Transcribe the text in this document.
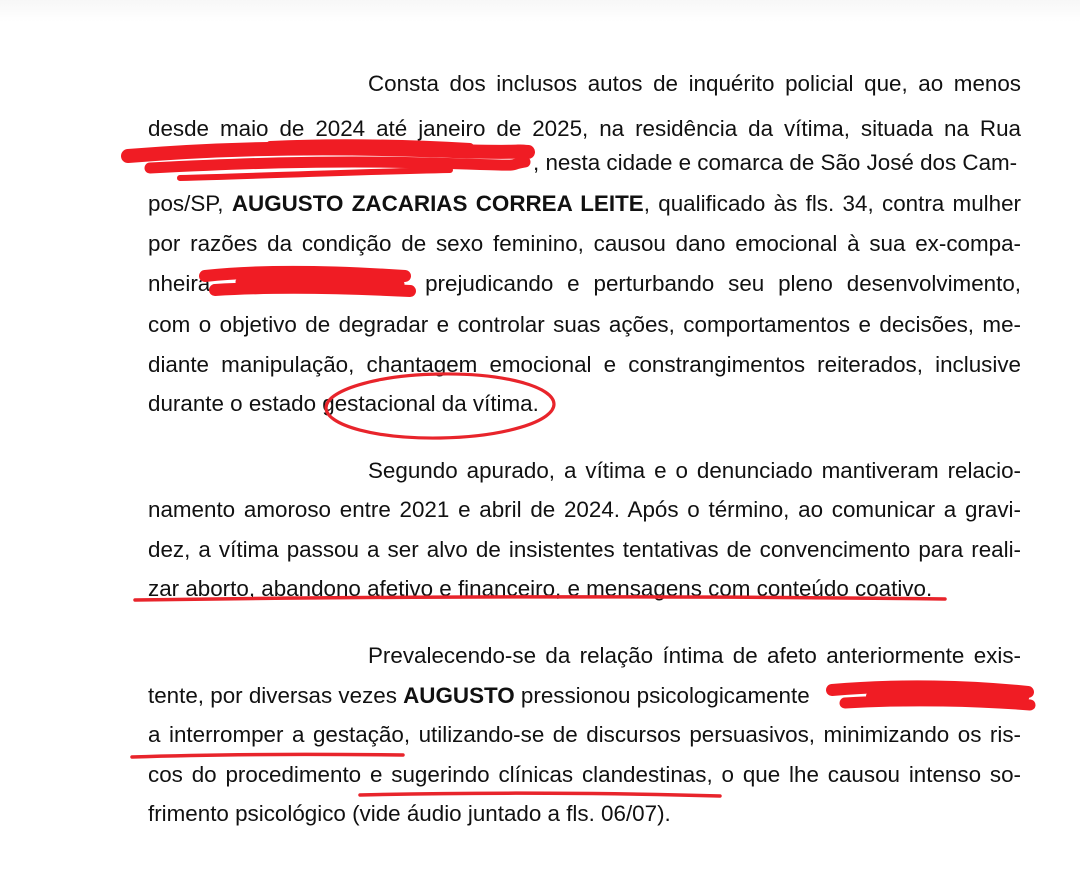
Consta dos inclusos autos de inquérito policial que, ao menos
desde maio de 2024 até janeiro de 2025, na residência da vítima, situada na Rua
, nesta cidade e comarca de São José dos Cam-
pos/SP, AUGUSTO ZACARIAS CORREA LEITE, qualificado às fls. 34, contra mulher
por razões da condição de sexo feminino, causou dano emocional à sua ex-compa-
nheira	, prejudicando e perturbando seu pleno desenvolvimento,
com o objetivo de degradar e controlar suas ações, comportamentos e decisões, me-
diante manipulação, chantagem emocional e constrangimentos reiterados, inclusive
durante o estado gestacional da vítima.
Segundo apurado, a vítima e o denunciado mantiveram relacio-
namento amoroso entre 2021 e abril de 2024. Após o término, ao comunicar a gravi-
dez, a vítima passou a ser alvo de insistentes tentativas de convencimento para reali-
zar aborto, abandono afetivo e financeiro, e mensagens com conteúdo coativo.
Prevalecendo-se da relação íntima de afeto anteriormente exis-
tente, por diversas vezes AUGUSTO pressionou psicologicamente
a interromper a gestação, utilizando-se de discursos persuasivos, minimizando os ris-
cos do procedimento e sugerindo clínicas clandestinas, o que lhe causou intenso so-
frimento psicológico (vide áudio juntado a fls. 06/07).
